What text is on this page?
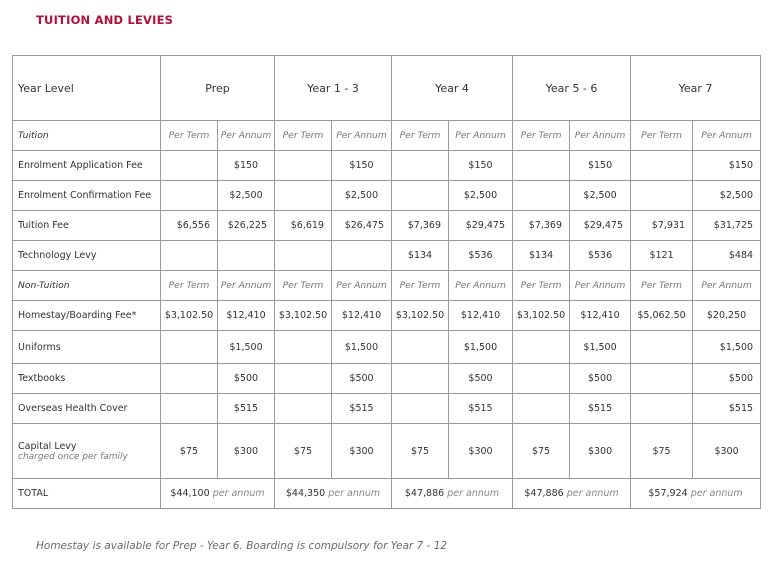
TUITION AND LEVIES
Year Level	Prep		Year 1 - 3		Year 4		Year 5 - 6		Year 7	
Tuition	Per Term	Per Annum	Per Term	Per Annum	Per Term	Per Annum	Per Term	Per Annum	Per Term	Per Annum
Enrolment Application Fee		$150		$150		$150		$150		$150
Enrolment Confirmation Fee		$2,500		$2,500		$2,500		$2,500		$2,500
Tuition Fee	$6,556	$26,225	$6,619	$26,475	$7,369	$29,475	$7,369	$29,475	$7,931	$31,725
Technology Levy					$134	$536	$134	$536	$121	$484
Non-Tuition	Per Term	Per Annum	Per Term	Per Annum	Per Term	Per Annum	Per Term	Per Annum	Per Term	Per Annum
Homestay/Boarding Fee*	$3,102.50	$12,410	$3,102.50	$12,410	$3,102.50	$12,410	$3,102.50	$12,410	$5,062.50	$20,250
Uniforms		$1,500		$1,500		$1,500		$1,500		$1,500
Textbooks		$500		$500		$500		$500		$500
Overseas Health Cover		$515		$515		$515		$515		$515

Capital Levy
charged once per family	$75	$300	$75	$300	$75	$300	$75	$300	$75	$300
TOTAL	$44,100 per annum		$44,350 per annum		$47,886 per annum		$47,886 per annum		$57,924 per annum	
Homestay is available for Prep - Year 6. Boarding is compulsory for Year 7 - 12
